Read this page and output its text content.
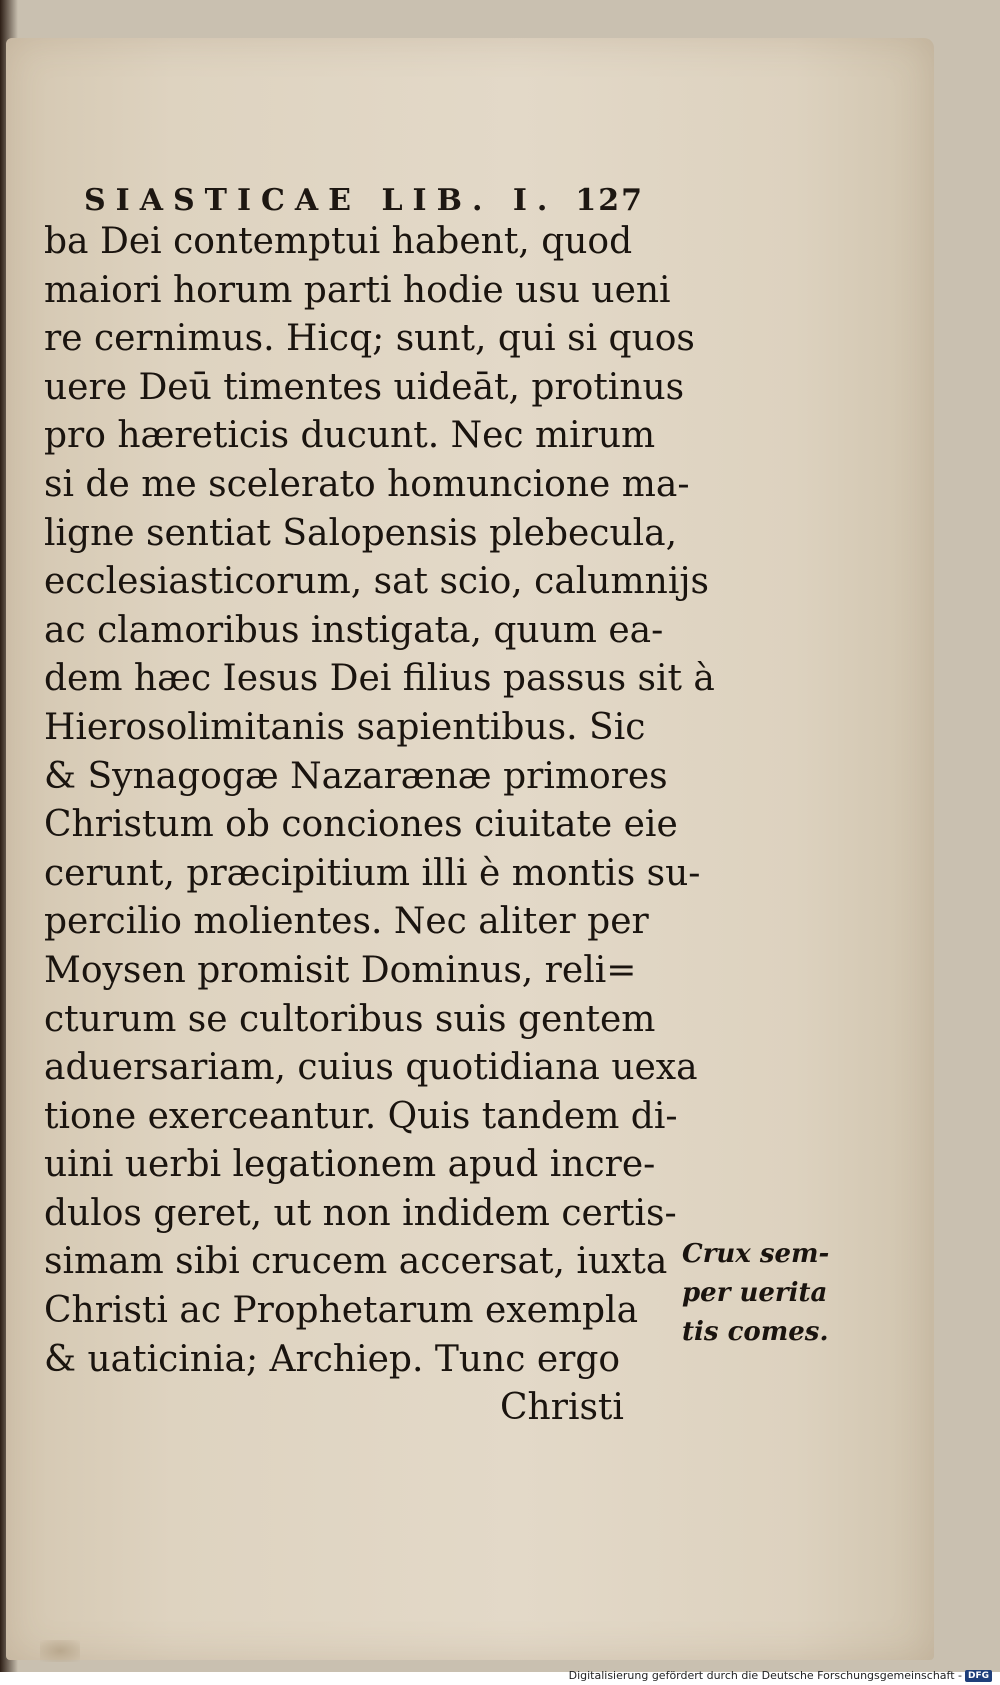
SIASTICAE LIB. I. 127
ba Dei contemptui habent, quod
maiori horum parti hodie usu ueni
re cernimus. Hicq; sunt, qui si quos
uere Deū timentes uideāt, protinus
pro hæreticis ducunt. Nec mirum
si de me scelerato homuncione ma-
ligne sentiat Salopensis plebecula,
ecclesiasticorum, sat scio, calumnijs
ac clamoribus instigata, quum ea-
dem hæc Iesus Dei filius passus sit à
Hierosolimitanis sapientibus. Sic
& Synagogæ Nazarænæ primores
Christum ob conciones ciuitate eie
cerunt, præcipitium illi è montis su-
percilio molientes. Nec aliter per
Moysen promisit Dominus, reli=
cturum se cultoribus suis gentem
aduersariam, cuius quotidiana uexa
tione exerceantur. Quis tandem di-
uini uerbi legationem apud incre-
dulos geret, ut non indidem certis-
simam sibi crucem accersat, iuxta
Christi ac Prophetarum exempla
& uaticinia; Archiep. Tunc ergo
Christi
Crux sem-
per uerita
tis comes.
Digitalisierung gefördert durch die Deutsche Forschungsgemeinschaft - DFG
